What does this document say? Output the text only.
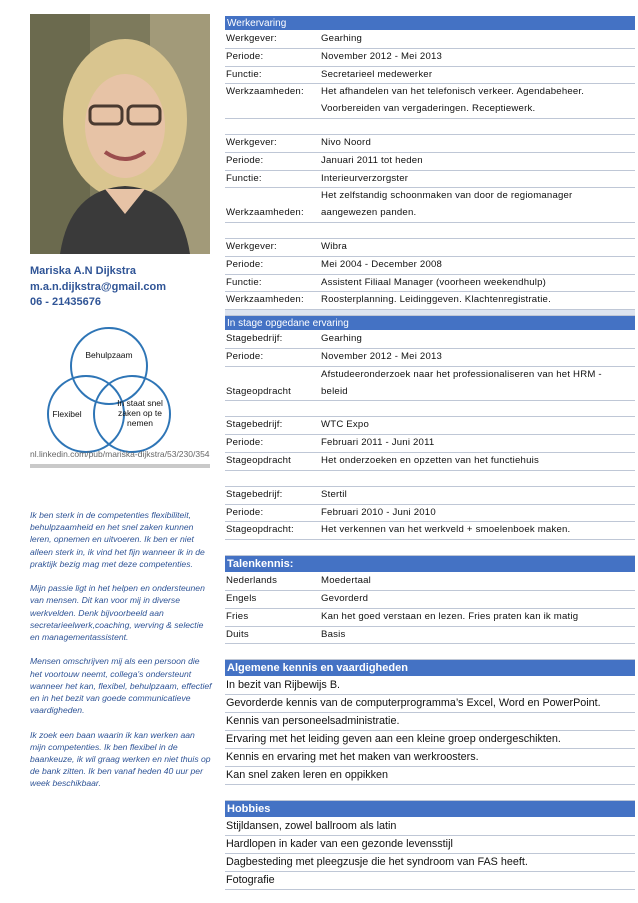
Mariska A.N Dijkstra
m.a.n.dijkstra@gmail.com
06 - 21435676
Behulpzaam
Flexibel
In staat snel zaken op te nemen
nl.linkedin.com/pub/mariska-dijkstra/53/230/354

Ik ben sterk in de competenties flexibiliteit, behulpzaamheid en het snel zaken kunnen leren, opnemen en uitvoeren. Ik ben er niet alleen sterk in, ik vind het fijn wanneer ik in de praktijk bezig mag met deze competenties.

Mijn passie ligt in het helpen en ondersteunen van mensen. Dit kan voor mij in diverse werkvelden. Denk bijvoorbeeld aan secretarieelwerk,coaching, werving & selectie en managementassistent.

Mensen omschrijven mij als een persoon die het voortouw neemt, collega's ondersteunt wanneer het kan, flexibel, behulpzaam, effectief en in het bezit van goede communicatieve vaardigheden.

Ik zoek een baan waarin ik kan werken aan mijn competenties. Ik ben flexibel in de baankeuze, ik wil graag werken en niet thuis op de bank zitten. Ik ben vanaf heden 40 uur per week beschikbaar.

Werkervaring
Werkgever:	Gearhing
Periode:	November 2012 - Mei 2013
Functie:	Secretarieel medewerker
Werkzaamheden:	Het afhandelen van het telefonisch verkeer. Agendabeheer.
Voorbereiden van vergaderingen. Receptiewerk.
Werkgever:	Nivo Noord
Periode:	Januari 2011 tot heden
Functie:	Interieurverzorgster
Werkzaamheden:
Het zelfstandig schoonmaken van door de regiomanager
aangewezen panden.
Werkgever:	Wibra
Periode:	Mei 2004 - December 2008
Functie:	Assistent Filiaal Manager (voorheen weekendhulp)
Werkzaamheden:	Roosterplanning. Leidinggeven. Klachtenregistratie.
In stage opgedane ervaring
Stagebedrijf:	Gearhing
Periode:	November 2012 - Mei 2013
Stageopdracht
Afstudeeronderzoek naar het professionaliseren van het HRM -
beleid
Stagebedrijf:	WTC Expo
Periode:	Februari 2011 - Juni 2011
Stageopdracht	Het onderzoeken en opzetten van het functiehuis
Stagebedrijf:	Stertil
Periode:	Februari 2010 - Juni 2010
Stageopdracht:	Het verkennen van het werkveld + smoelenboek maken.
Talenkennis:
Nederlands	Moedertaal
Engels	Gevorderd
Fries	Kan het goed verstaan en lezen. Fries praten kan ik matig
Duits	Basis
Algemene kennis en vaardigheden
In bezit van Rijbewijs B.
Gevorderde kennis van de computerprogramma’s Excel, Word en PowerPoint.
Kennis van personeelsadministratie.
Ervaring met het leiding geven aan een kleine groep ondergeschikten.
Kennis en ervaring met het maken van werkroosters.
Kan snel zaken leren en oppikken
Hobbies
Stijldansen, zowel ballroom als latin
Hardlopen in kader van een gezonde levensstijl
Dagbesteding met pleegzusje die het syndroom van FAS heeft.
Fotografie
